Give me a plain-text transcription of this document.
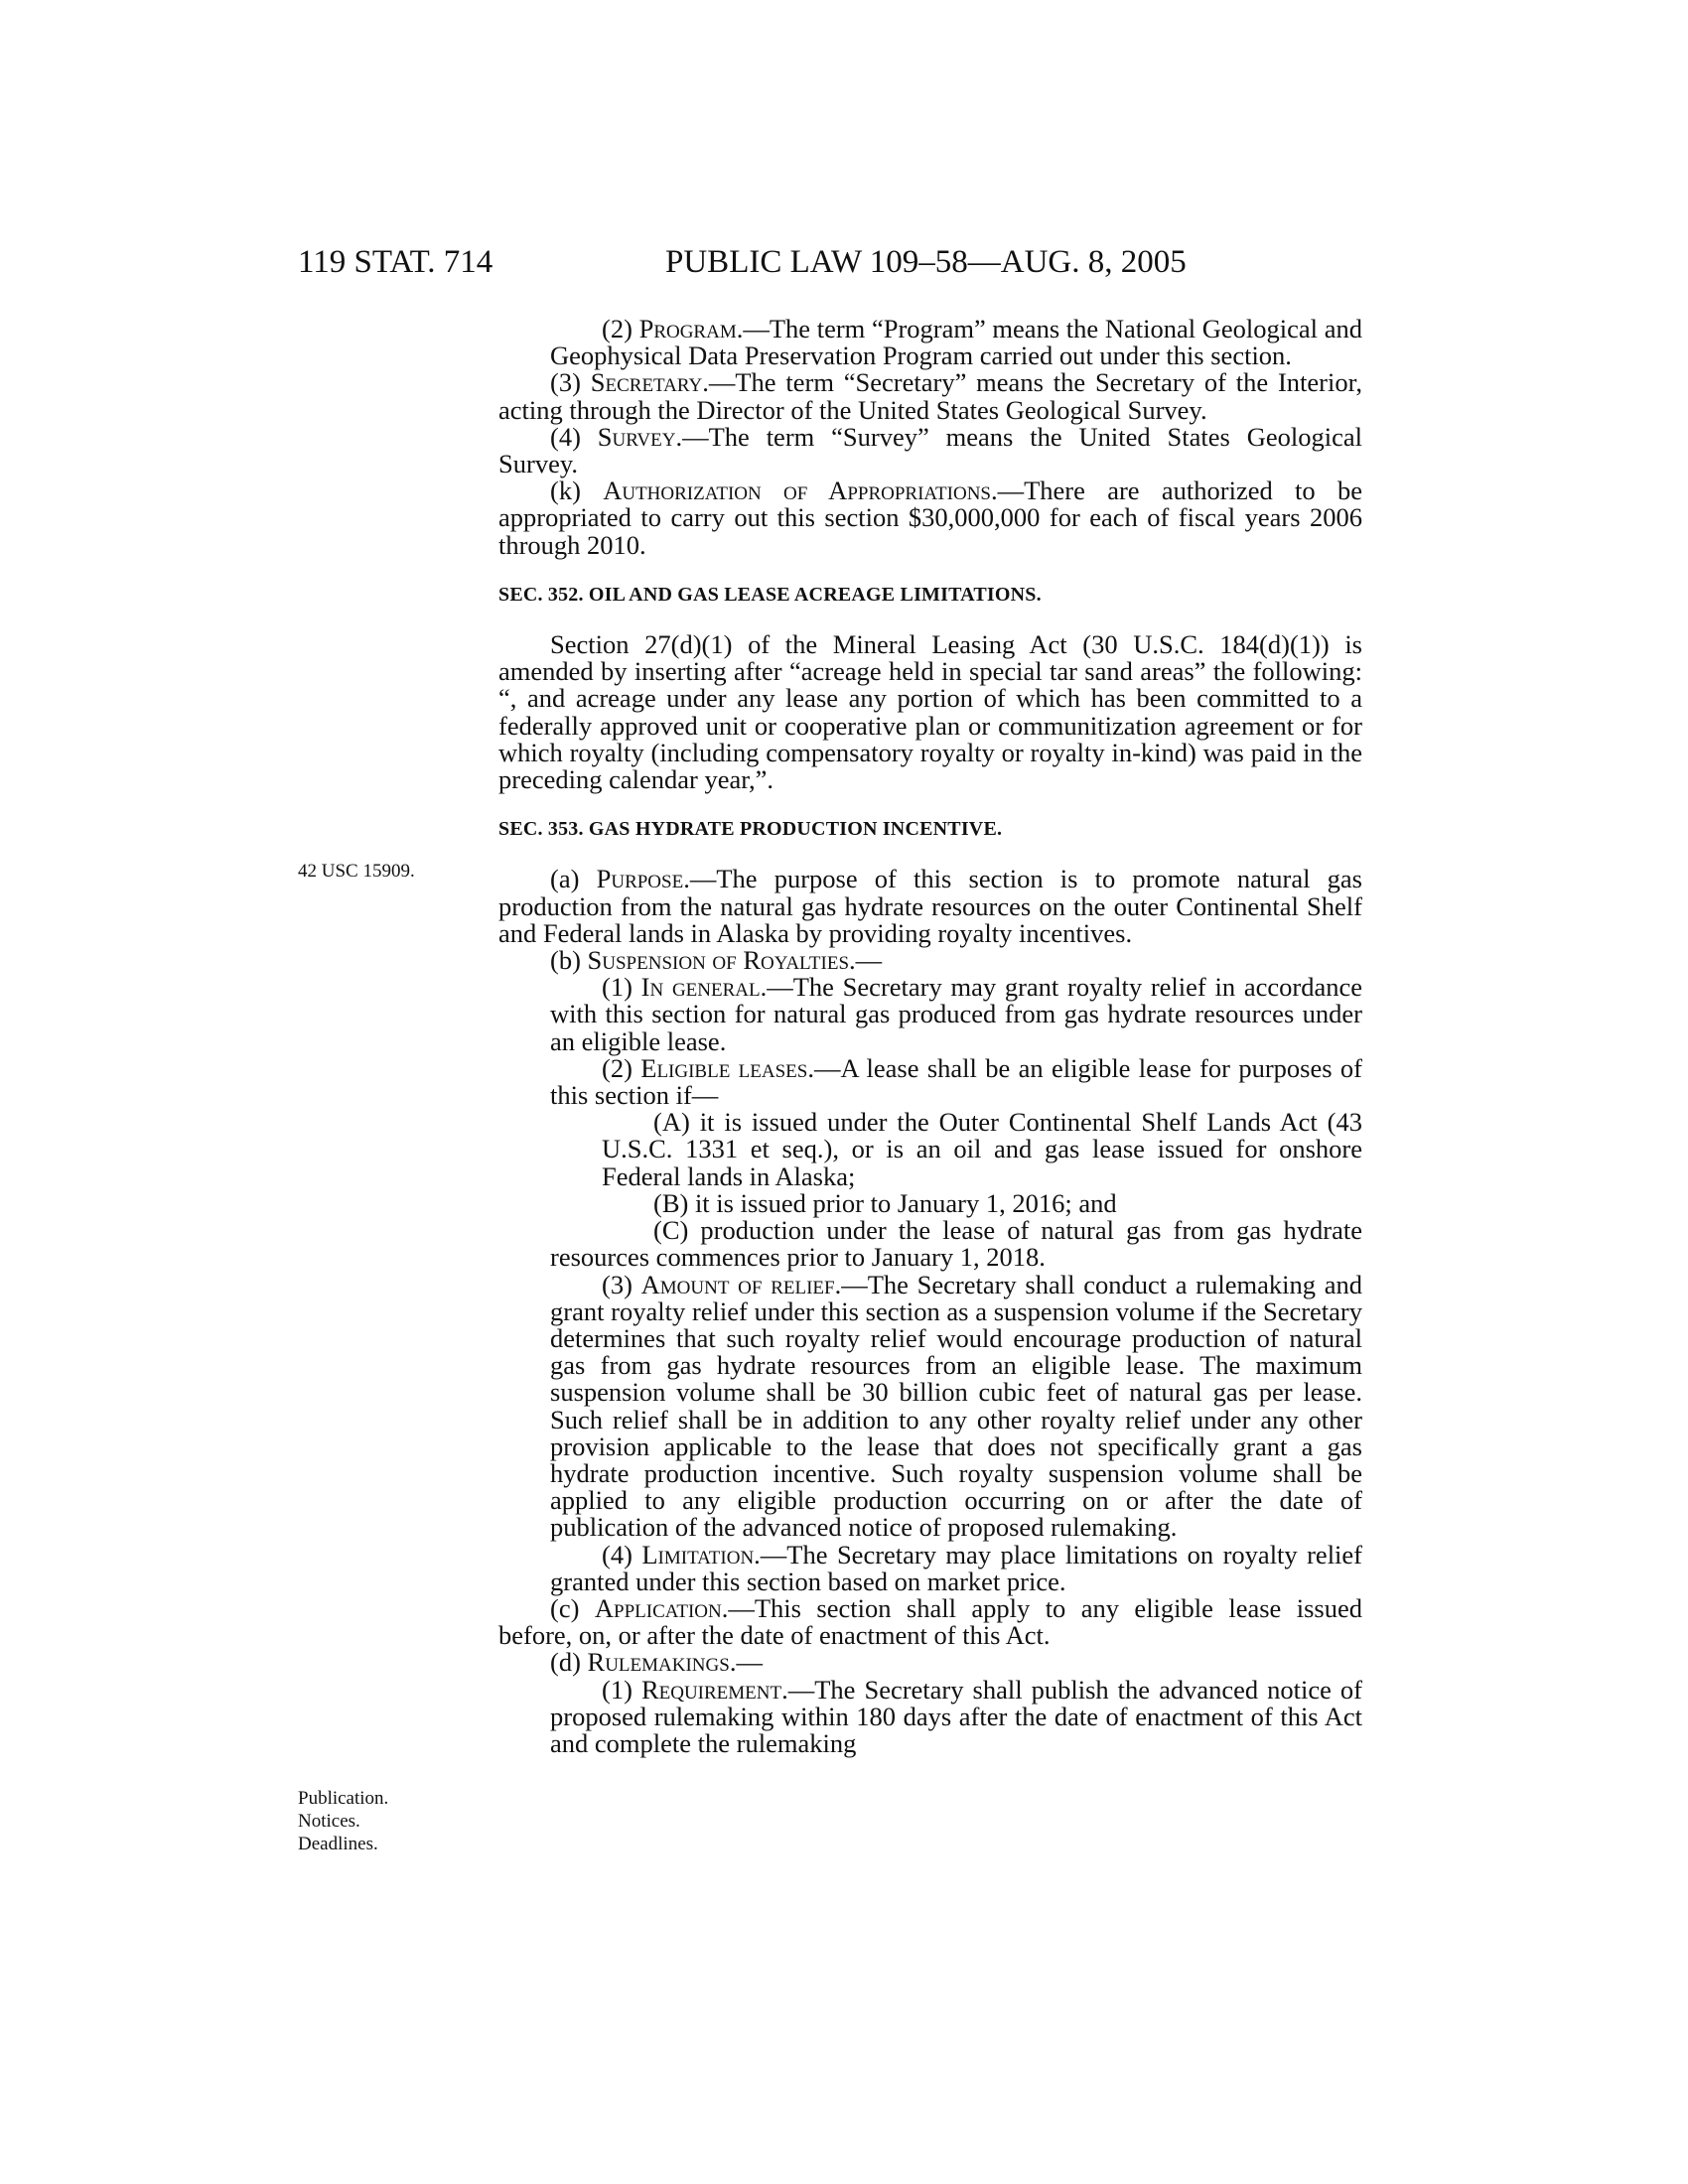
119 STAT. 714	PUBLIC LAW 109–58—AUG. 8, 2005
42 USC 15909.
Publication.
Notices.
Deadlines.

(2) Program.—The term “Program” means the National Geological and Geophysical Data Preservation Program carried out under this section.

(3) Secretary.—The term “Secretary” means the Secretary of the Interior, acting through the Director of the United States Geological Survey.

(4) Survey.—The term “Survey” means the United States Geological Survey.

(k) Authorization of Appropriations.—There are authorized to be appropriated to carry out this section $30,000,000 for each of fiscal years 2006 through 2010.

SEC. 352. OIL AND GAS LEASE ACREAGE LIMITATIONS.

Section 27(d)(1) of the Mineral Leasing Act (30 U.S.C. 184(d)(1)) is amended by inserting after “acreage held in special tar sand areas” the following: “, and acreage under any lease any portion of which has been committed to a federally approved unit or cooperative plan or communitization agreement or for which royalty (including compensatory royalty or royalty in-kind) was paid in the preceding calendar year,”.

SEC. 353. GAS HYDRATE PRODUCTION INCENTIVE.

(a) Purpose.—The purpose of this section is to promote natural gas production from the natural gas hydrate resources on the outer Continental Shelf and Federal lands in Alaska by providing royalty incentives.

(b) Suspension of Royalties.—

(1) In general.—The Secretary may grant royalty relief in accordance with this section for natural gas produced from gas hydrate resources under an eligible lease.

(2) Eligible leases.—A lease shall be an eligible lease for purposes of this section if—

(A) it is issued under the Outer Continental Shelf Lands Act (43 U.S.C. 1331 et seq.), or is an oil and gas lease issued for onshore Federal lands in Alaska;

(B) it is issued prior to January 1, 2016; and

(C) production under the lease of natural gas from gas hydrate resources commences prior to January 1, 2018.

(3) Amount of relief.—The Secretary shall conduct a rulemaking and grant royalty relief under this section as a suspension volume if the Secretary determines that such royalty relief would encourage production of natural gas from gas hydrate resources from an eligible lease. The maximum suspension volume shall be 30 billion cubic feet of natural gas per lease. Such relief shall be in addition to any other royalty relief under any other provision applicable to the lease that does not specifically grant a gas hydrate production incentive. Such royalty suspension volume shall be applied to any eligible production occurring on or after the date of publication of the advanced notice of proposed rulemaking.

(4) Limitation.—The Secretary may place limitations on royalty relief granted under this section based on market price.

(c) Application.—This section shall apply to any eligible lease issued before, on, or after the date of enactment of this Act.

(d) Rulemakings.—

(1) Requirement.—The Secretary shall publish the advanced notice of proposed rulemaking within 180 days after the date of enactment of this Act and complete the rulemaking
